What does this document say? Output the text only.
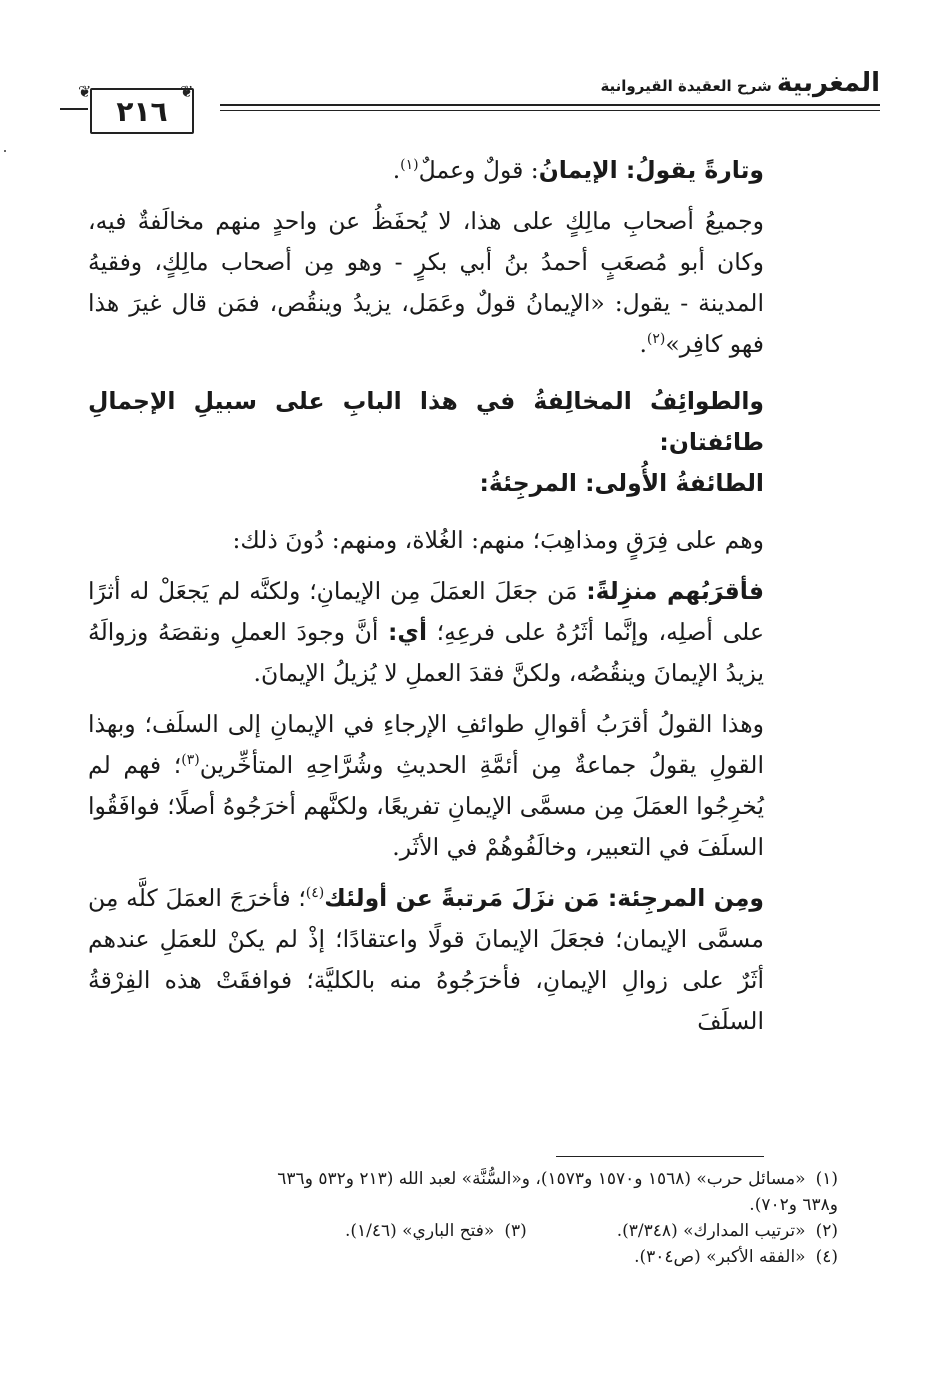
❦
٢١٦
❦	المغربية شرح العقيدة القيروانية

وتارةً يقولُ: الإيمانُ: قولٌ وعملٌ$^{(١)}$.

وجميعُ أصحابِ مالِكٍ على هذا، لا يُحفَظُ عن واحدٍ منهم مخالَفةٌ فيه، وكان أبو مُصعَبٍ أحمدُ بنُ أبي بكرٍ - وهو مِن أصحاب مالِكٍ، وفقيهُ المدينة - يقول: «الإيمانُ قولٌ وعَمَل، يزيدُ وينقُص، فمَن قال غيرَ هذا فهو كافِر»$^{(٢)}$.

والطوائِفُ المخالِفةُ في هذا البابِ على سبيلِ الإجمالِ طائفتان:

الطائفةُ الأُولى: المرجِئةُ:

وهم على فِرَقٍ ومذاهِبَ؛ منهم: الغُلاة، ومنهم: دُونَ ذلك:

فأقرَبُهم منزِلةً: مَن جعَلَ العمَلَ مِن الإيمانِ؛ ولكنَّه لم يَجعَلْ له أثرًا على أصلِه، وإنَّما أثَرُهُ على فرعِهِ؛ أي: أنَّ وجودَ العملِ ونقصَهُ وزوالَهُ يزيدُ الإيمانَ وينقُصُه، ولكنَّ فقدَ العملِ لا يُزيلُ الإيمانَ.

وهذا القولُ أقرَبُ أقوالِ طوائفِ الإرجاءِ في الإيمانِ إلى السلَف؛ وبهذا القولِ يقولُ جماعةٌ مِن أئمَّةِ الحديثِ وشُرَّاحِهِ المتأخِّرين$^{(٣)}$؛ فهم لم يُخرِجُوا العمَلَ مِن مسمَّى الإيمانِ تفريعًا، ولكنَّهم أخرَجُوهُ أصلًا؛ فوافَقُوا السلَفَ في التعبير، وخالَفُوهُمْ في الأثَر.

ومِن المرجِئة: مَن نزَلَ مَرتبةً عن أولئك$^{(٤)}$؛ فأخرَجَ العمَلَ كلَّه مِن مسمَّى الإيمان؛ فجعَلَ الإيمانَ قولًا واعتقادًا؛ إذْ لم يكنْ للعمَلِ عندهم أثَرٌ على زوالِ الإيمانِ، فأخرَجُوهُ منه بالكليَّة؛ فوافقَتْ هذه الفِرْقةُ السلَفَ

(١)«مسائل حرب» (١٥٦٨ و١٥٧٠ و١٥٧٣)، و«السُّنَّة» لعبد الله (٢١٣ و٥٣٢ و٦٣٦

و٦٣٨ و٧٠٢).

(٢)«ترتيب المدارك» (٣/٣٤٨).

(٣)«فتح الباري» (١/٤٦).

(٤)«الفقه الأكبر» (ص٣٠٤).
